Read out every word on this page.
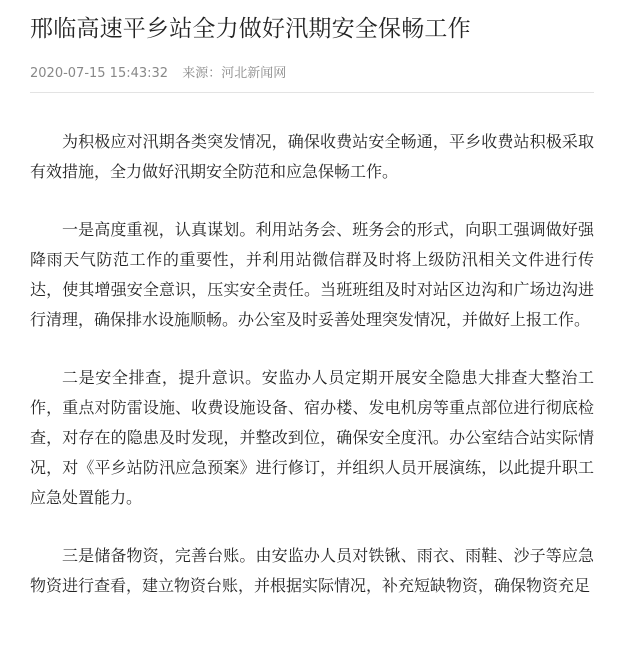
邢临高速平乡站全力做好汛期安全保畅工作
2020-07-15 15:43:32 来源：河北新闻网

为积极应对汛期各类突发情况，确保收费站安全畅通，平乡收费站积极采取有效措施，全力做好汛期安全防范和应急保畅工作。

一是高度重视，认真谋划。利用站务会、班务会的形式，向职工强调做好强降雨天气防范工作的重要性，并利用站微信群及时将上级防汛相关文件进行传达，使其增强安全意识，压实安全责任。当班班组及时对站区边沟和广场边沟进行清理，确保排水设施顺畅。办公室及时妥善处理突发情况，并做好上报工作。

二是安全排查，提升意识。安监办人员定期开展安全隐患大排查大整治工作，重点对防雷设施、收费设施设备、宿办楼、发电机房等重点部位进行彻底检查，对存在的隐患及时发现，并整改到位，确保安全度汛。办公室结合站实际情况，对《平乡站防汛应急预案》进行修订，并组织人员开展演练，以此提升职工应急处置能力。

三是储备物资，完善台账。由安监办人员对铁锹、雨衣、雨鞋、沙子等应急物资进行查看，建立物资台账，并根据实际情况，补充短缺物资，确保物资充足
